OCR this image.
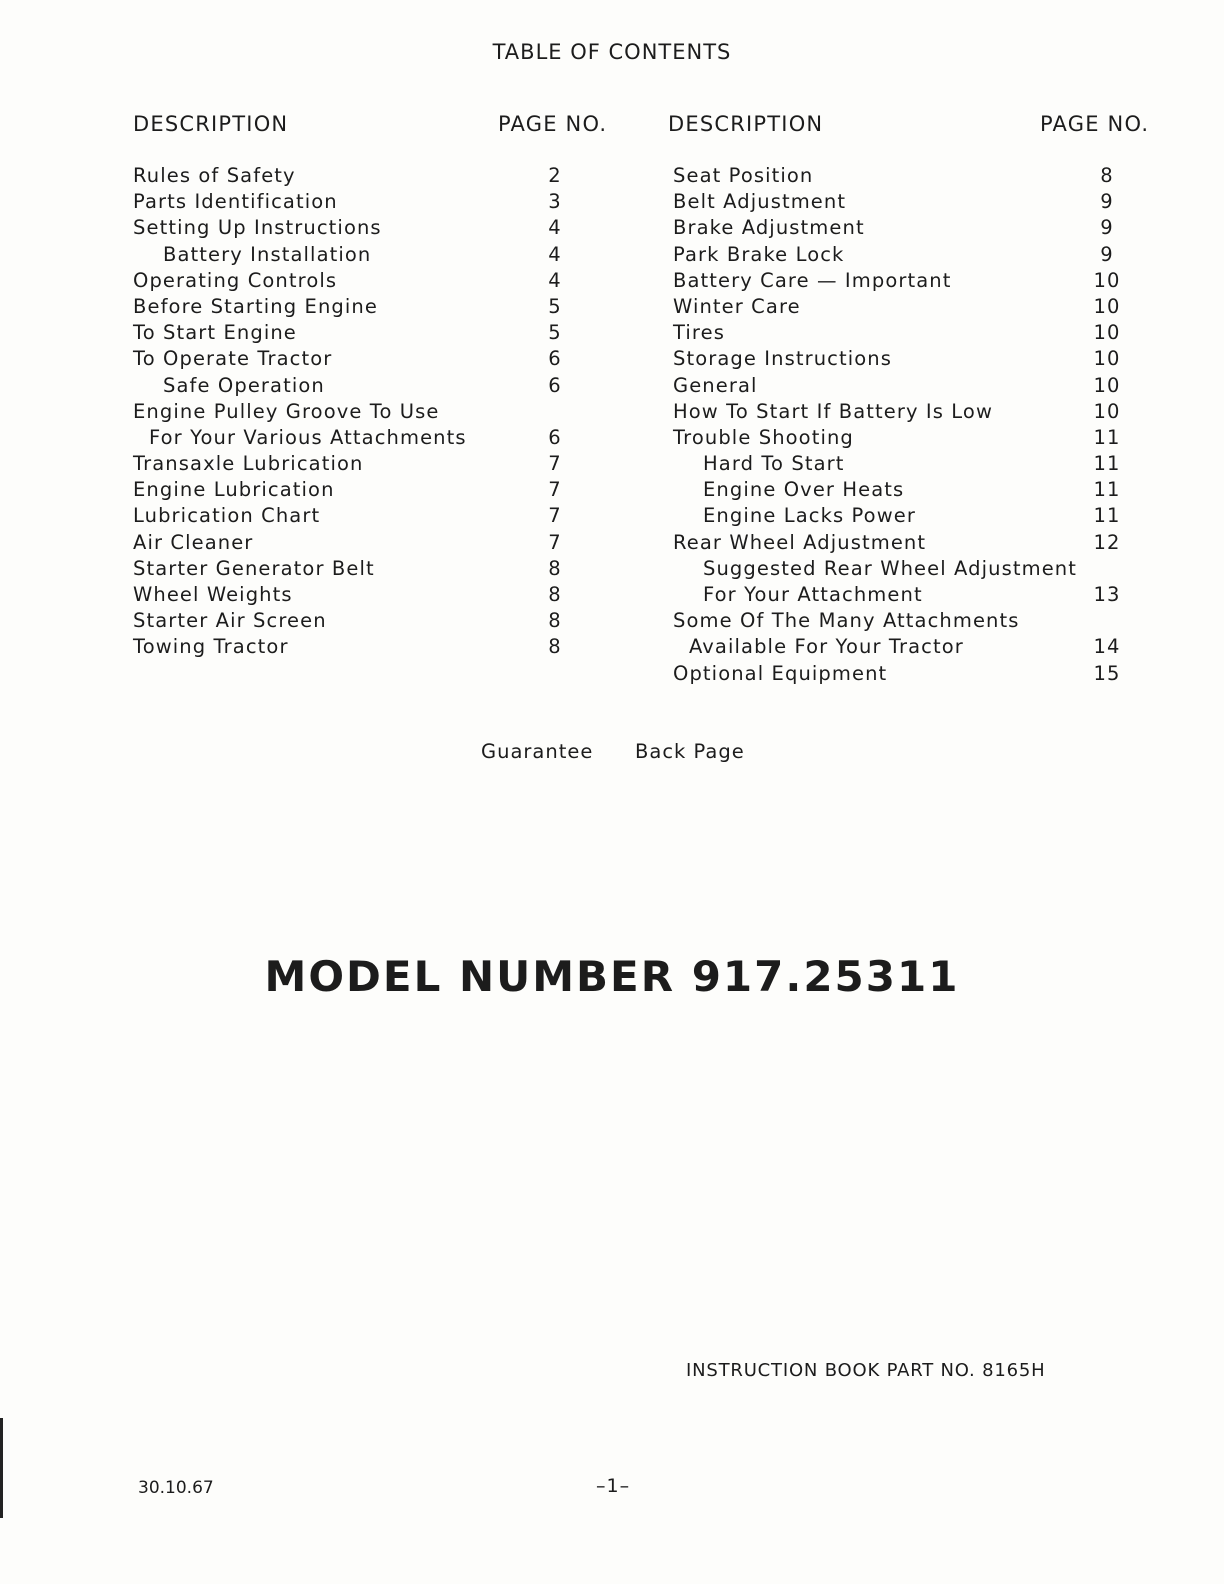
TABLE OF CONTENTS
DESCRIPTION	PAGE NO.	DESCRIPTION	PAGE NO.
Rules of Safety	2
Parts Identification	3
Setting Up Instructions	4
Battery Installation	4
Operating Controls	4
Before Starting Engine	5
To Start Engine	5
To Operate Tractor	6
Safe Operation	6
Engine Pulley Groove To Use
For Your Various Attachments	6
Transaxle Lubrication	7
Engine Lubrication	7
Lubrication Chart	7
Air Cleaner	7
Starter Generator Belt	8
Wheel Weights	8
Starter Air Screen	8
Towing Tractor	8
Seat Position	8
Belt Adjustment	9
Brake Adjustment	9
Park Brake Lock	9
Battery Care — Important	10
Winter Care	10
Tires	10
Storage Instructions	10
General	10
How To Start If Battery Is Low	10
Trouble Shooting	11
Hard To Start	11
Engine Over Heats	11
Engine Lacks Power	11
Rear Wheel Adjustment	12
Suggested Rear Wheel Adjustment
For Your Attachment	13
Some Of The Many Attachments
Available For Your Tractor	14
Optional Equipment	15
Guarantee Back Page
MODEL NUMBER 917.25311
INSTRUCTION BOOK PART NO. 8165H
30.10.67	–1–
